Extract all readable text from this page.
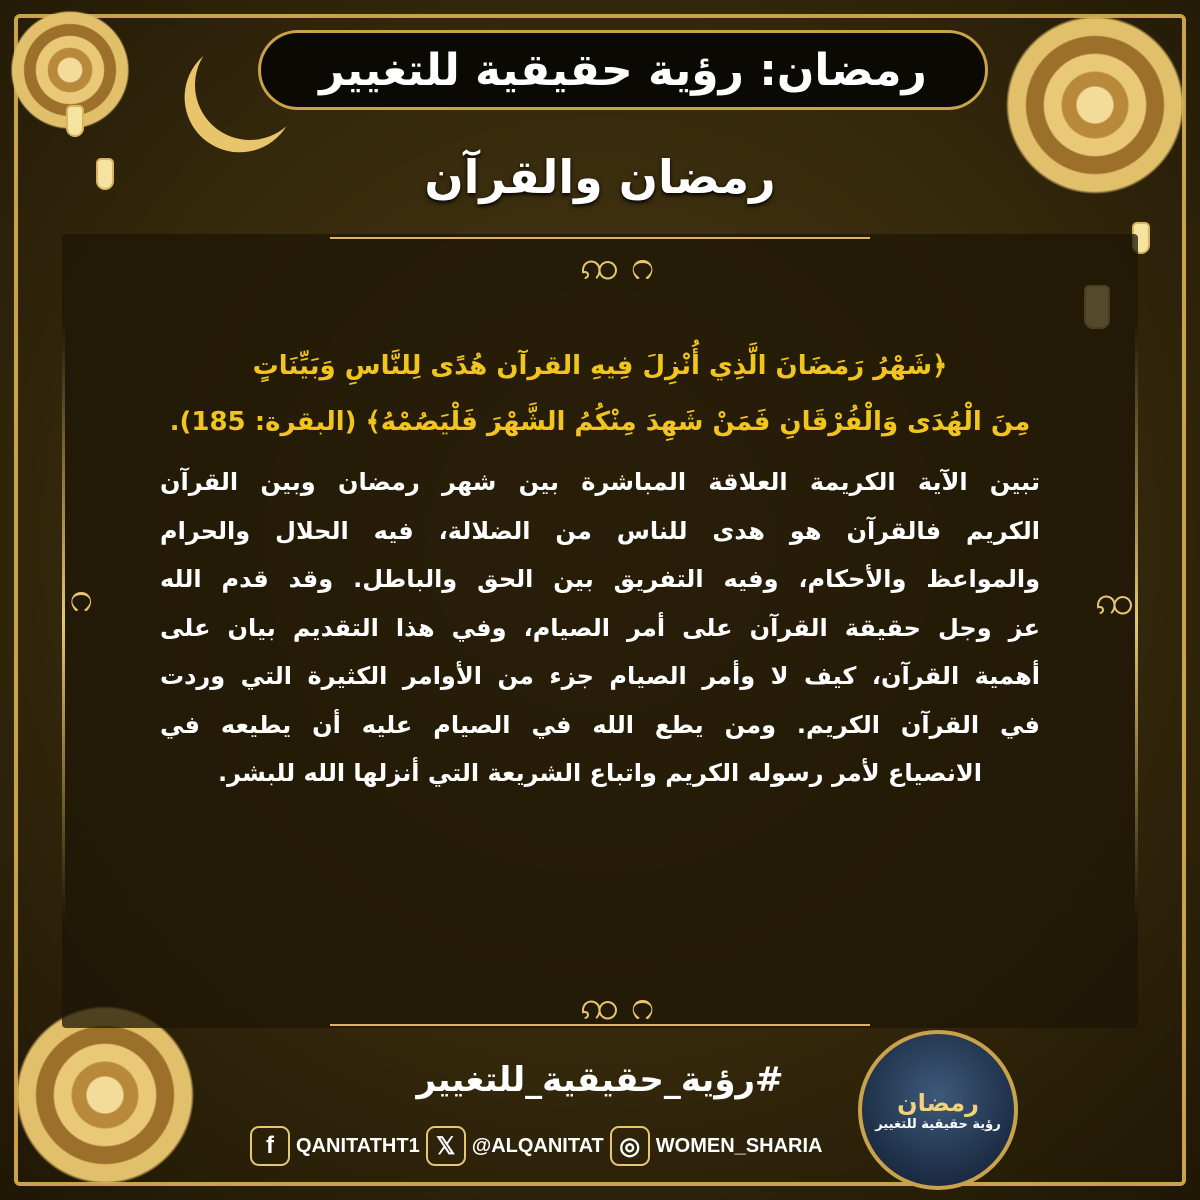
رمضان: رؤية حقيقية للتغيير
رمضان والقرآن
ꩡ ೧
ꩡ ೧
೧	ꩡ
﴿شَهْرُ رَمَضَانَ الَّذِي أُنْزِلَ فِيهِ القرآن هُدًى لِلنَّاسِ وَبَيِّنَاتٍ
مِنَ الْهُدَى وَالْفُرْقَانِ فَمَنْ شَهِدَ مِنْكُمُ الشَّهْرَ فَلْيَصُمْهُ﴾ (البقرة: 185).
تبين الآية الكريمة العلاقة المباشرة بين شهر رمضان وبين القرآن
الكريم فالقرآن هو هدى للناس من الضلالة، فيه الحلال والحرام
والمواعظ والأحكام، وفيه التفريق بين الحق والباطل. وقد قدم الله
عز وجل حقيقة القرآن على أمر الصيام، وفي هذا التقديم بيان على
أهمية القرآن، كيف لا وأمر الصيام جزء من الأوامر الكثيرة التي وردت
في القرآن الكريم. ومن يطع الله في الصيام عليه أن يطيعه في
الانصياع لأمر رسوله الكريم واتباع الشريعة التي أنزلها الله للبشر.
#رؤية_حقيقية_للتغيير
f	QANITATHT1 𝕏 @ALQANITAT ◎ WOMEN_SHARIA
رمضان
رؤية حقيقية للتغيير
